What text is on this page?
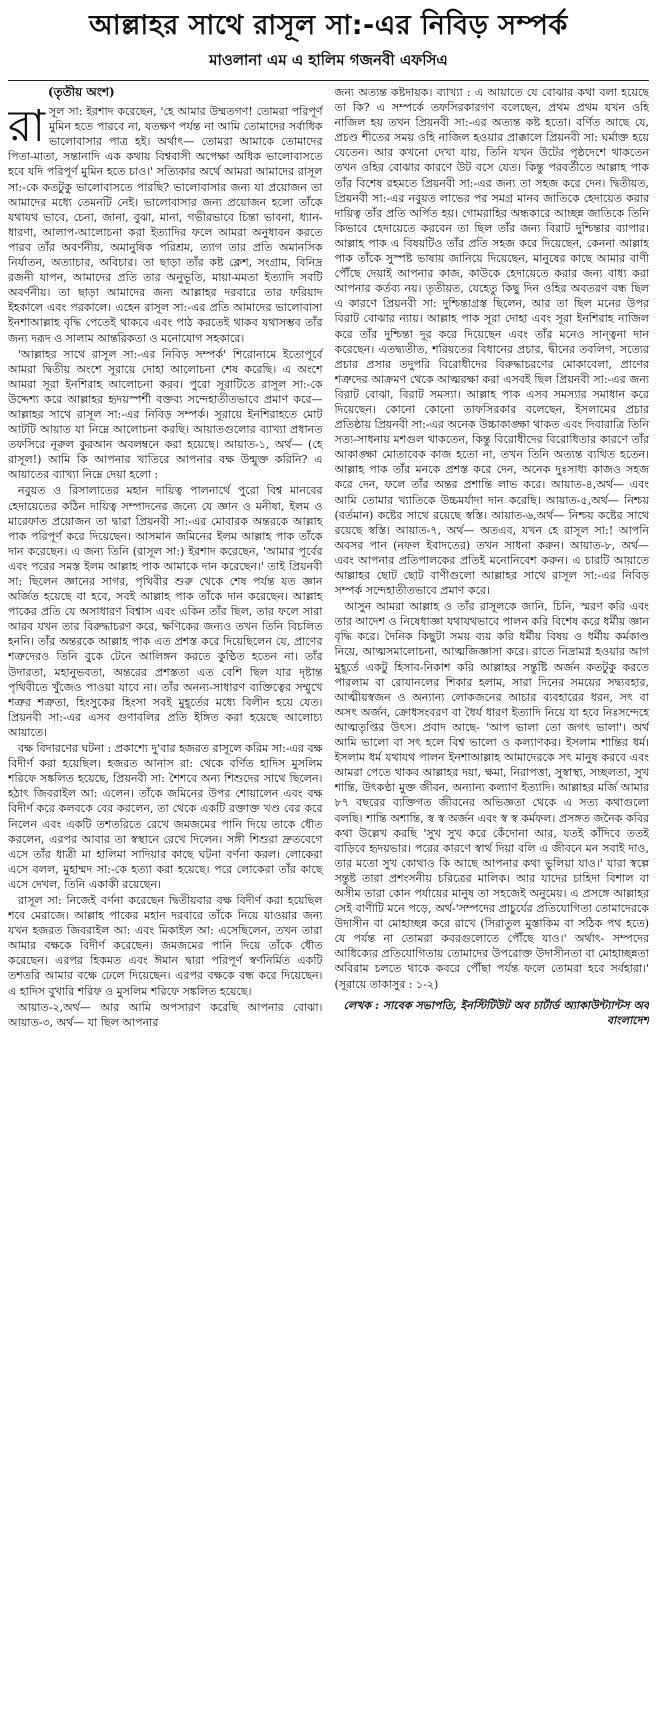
আল্লাহর সাথে রাসূল সা:-এর নিবিড় সম্পর্ক
মাওলানা এম এ হালিম গজনবী এফসিএ
(তৃতীয় অংশ)
রা সূল সা: ইরশাদ করেছেন, 'হে আমার উম্মতগণ! তোমরা পরিপূর্ণ মুমিন হতে পারবে না, যতক্ষণ পর্যন্ত না আমি তোমাদের সর্বাধিক ভালোবাসার পাত্র হই। অর্থাৎ— তোমরা আমাকে তোমাদের পিতা-মাতা, সন্তানাদি এক কথায় বিশ্ববাসী অপেক্ষা অধিক ভালোবাসতে হবে যদি পরিপূর্ণ মুমিন হতে চাও।' সত্যিকার অর্থে আমরা আমাদের রাসূল সা:-কে কতটুকু ভালোবাসতে পারছি? ভালোবাসার জন্য যা প্রয়োজন তা আমাদের মধ্যে তেমনটি নেই। ভালোবাসার জন্য প্রয়োজন হলো তাঁকে যথাযথ ভাবে, চেনা, জানা, বুঝা, মানা, গভীরভাবে চিন্তা ভাবনা, ধ্যান-ধারণা, আলাপ-আলোচনা করা ইত্যাদির ফলে আমরা অনুধাবন করতে পারব তাঁর অবর্ণনীয়, অমানুষিক পরিশ্রম, ত্যাগ তার প্রতি অমানসিক নির্যাতন, অত্যাচার, অবিচার। তা ছাড়া তাঁর কষ্ট ক্লেশ, সংগ্রাম, বিনিদ্র রজনী যাপন, আমাদের প্রতি তার অনুভূতি, মায়া-মমতা ইত্যাদি সবটি অবর্ণনীয়। তা ছাড়া আমাদের জন্য আল্লাহর দরবারে তার ফরিয়াদ ইহকালে এবং পরকালে। এহেন রাসূল সা:-এর প্রতি আমাদের ভালোবাসা ইনশাআল্লাহ বৃদ্ধি পেতেই থাকবে এবং পাঠ করতেই থাকব যথাসম্ভব তাঁর জন্য দরূদ ও সালাম আন্তরিকতা ও মনোযোগ সহকারে।

'আল্লাহর সাথে রাসূল সা:-এর নিবিড় সম্পর্ক' শিরোনামে ইতোপূর্বে আমরা দ্বিতীয় অংশে সূরায়ে দোহা আলোচনা শেষ করেছি। এ অংশে আমরা সূরা ইনশিরাহ আলোচনা করব। পুরো সূরাটিতে রাসূল সা:-কে উদ্দেশ্য করে আল্লাহর হৃদয়স্পর্শী বক্তব্য সন্দেহাতীতভাবে প্রমাণ করে— আল্লাহর সাথে রাসূল সা:-এর নিবিড় সম্পর্ক। সূরায়ে ইনশিরাহতে মোট আটটি আয়াত যা নিম্নে আলোচনা করছি। আয়াতগুলোর ব্যাখ্যা প্রধানত তফসিরে নূরুল কুরআন অবলম্বনে করা হয়েছে। আয়াত-১, অর্থ— (হে রাসূল!) আমি কি আপনার খাতিরে আপনার বক্ষ উন্মুক্ত করিনি? এ আয়াতের ব্যাখ্যা নিম্নে দেয়া হলো :

নবুয়ত ও রিসালাতের মহান দায়িত্ব পালনার্থে পুরো বিশ্ব মানবের হেদায়েতের কঠিন দায়িত্ব সম্পাদনের জন্যে যে জ্ঞান ও মনীষা, ইলম ও মারেফাত প্রয়োজন তা দ্বারা প্রিয়নবী সা:-এর মোবারক অন্তরকে আল্লাহ পাক পরিপূর্ণ করে দিয়েছেন। আসমান জমিনের ইলম আল্লাহ পাক তাঁকে দান করেছেন। এ জন্য তিনি (রাসূল সা:) ইরশাদ করেছেন, 'আমার পূর্বের এবং পরের সমস্ত ইলম আল্লাহ পাক আমাকে দান করেছেন।' তাই প্রিয়নবী সা: ছিলেন জ্ঞানের সাগর, পৃথিবীর শুরু থেকে শেষ পর্যন্ত যত জ্ঞান অর্জিত হয়েছে বা হবে, সবই আল্লাহ পাক তাঁকে দান করেছেন। আল্লাহ পাকের প্রতি যে অসাধারণ বিশ্বাস এবং একিন তাঁর ছিল, তার ফলে সারা আরব যখন তার বিরুদ্ধাচরণ করে, ক্ষণিকের জন্যও তখন তিনি বিচলিত হননি। তাঁর অন্তরকে আল্লাহ পাক এত প্রশস্ত করে দিয়েছিলেন যে, প্রাণের শত্রুদেরও তিনি বুকে টেনে আলিঙ্গন করতে কুণ্ঠিত হতেন না। তাঁর উদারতা, মহানুভবতা, অন্তরের প্রশস্ততা এত বেশি ছিল যার দৃষ্টান্ত পৃথিবীতে খুঁজেও পাওয়া যাবে না। তাঁর অনন্য-সাধারণ ব্যক্তিত্বের সম্মুখে শত্রুর শত্রুতা, হিংসুকের হিংসা সবই মুহূর্তের মধ্যে বিলীন হয়ে যেত। প্রিয়নবী সা:-এর এসব গুণাবলির প্রতি ইঙ্গিত করা হয়েছে আলোচ্য আয়াতে।

বক্ষ বিদারণের ঘটনা : প্রকাশ্যে দু'বার হজরত রাসূলে করিম সা:-এর বক্ষ বিদীর্ণ করা হয়েছিল। হজরত আনাস রা: থেকে বর্ণিত হাদিস মুসলিম শরিফে সঙ্কলিত হয়েছে, প্রিয়নবী সা: শৈশবে অন্য শিশুদের সাথে ছিলেন। হঠাৎ জিবরাইল আ: এলেন। তাঁকে জমিনের উপর শোয়ালেন এবং বক্ষ বিদীর্ণ করে কলবকে বের করলেন, তা থেকে একটি রক্তাক্ত খণ্ড বের করে নিলেন এবং একটি তশতরিতে রেখে জমজমের পানি দিয়ে তাকে ধৌত করলেন, এরপর আবার তা স্বস্থানে রেখে দিলেন। সঙ্গী শিশুরা দ্রুতবেগে এসে তাঁর ধাত্রী মা হালিমা সাদিয়ার কাছে ঘটনা বর্ণনা করল। লোকেরা এসে বলল, মুহাম্মদ সা:-কে হত্যা করা হয়েছে। পরে লোকেরা তাঁর কাছে এসে দেখল, তিনি একাকী রয়েছেন।

রাসূল সা: নিজেই বর্ণনা করেছেন দ্বিতীয়বার বক্ষ বিদীর্ণ করা হয়েছিল শবে মেরাজে। আল্লাহ পাকের মহান দরবারে তাঁকে নিয়ে যাওয়ার জন্য যখন হজরত জিবরাইল আ: এবং মিকাইল আ: এসেছিলেন, তখন তারা আমার বক্ষকে বিদীর্ণ করেছেন। জমজমের পানি দিয়ে তাঁকে ধৌত করেছেন। এরপর হিকমত এবং ঈমান দ্বারা পরিপূর্ণ স্বর্ণনির্মিত একটি তশতরি আমার বক্ষে ঢেলে দিয়েছেন। এরপর বক্ষকে বন্ধ করে দিয়েছেন। এ হাদিস বুখারি শরিফ ও মুসলিম শরিফে সঙ্কলিত হয়েছে।

আয়াত-২,অর্থ— আর আমি অপসারণ করেছি আপনার বোঝা। আয়াত-৩, অর্থ— যা ছিল আপনার

জন্য অত্যন্ত কষ্টদায়ক। ব্যাখ্যা : এ আয়াতে যে বোঝার কথা বলা হয়েছে তা কি? এ সম্পর্কে তফসিরকারগণ বলেছেন, প্রথম প্রথম যখন ওহি নাজিল হয় তখন প্রিয়নবী সা:-এর অত্যন্ত কষ্ট হতো। বর্ণিত আছে যে, প্রচণ্ড শীতের সময় ওহি নাজিল হওয়ার প্রাক্কালে প্রিয়নবী সা: ঘর্মাক্ত হয়ে যেতেন। আর কখনো দেখা যায়, তিনি যখন উটের পৃষ্ঠদেশে থাকতেন তখন ওহির বোঝার কারণে উট বসে যেত। কিন্তু পরবর্তীতে আল্লাহ পাক তাঁর বিশেষ রহমতে প্রিয়নবী সা:-এর জন্য তা সহজ করে দেন। দ্বিতীয়ত, প্রিয়নবী সা:-এর নবুয়ত লাভের পর সমগ্র মানব জাতিকে হেদায়েত করার দায়িত্ব তাঁর প্রতি অর্পিত হয়। গোমরাহির অন্ধকারে আচ্ছন্ন জাতিকে তিনি কিভাবে হেদায়েতে করবেন তা ছিল তাঁর জন্য বিরাট দুশ্চিন্তার ব্যাপার। আল্লাহ পাক এ বিষয়টিও তাঁর প্রতি সহজ করে দিয়েছেন, কেননা আল্লাহ পাক তাঁকে সুস্পষ্ট ভাষায় জানিয়ে দিয়েছেন, মানুষের কাছে আমার বাণী পৌঁছে দেয়াই আপনার কাজ, কাউকে হেদায়েতে করার জন্য বাধ্য করা আপনার কর্তব্য নয়। তৃতীয়ত, যেহেতু কিছু দিন ওহির অবতরণ বন্ধ ছিল এ কারণে প্রিয়নবী সা: দুশ্চিন্তাগ্রস্ত ছিলেন, আর তা ছিল মনের উপর বিরাট বোঝার ন্যায়। আল্লাহ পাক সূরা দোহা এবং সূরা ইনশিরাহ নাজিল করে তাঁর দুশ্চিন্তা দূর করে দিয়েছেন এবং তাঁর মনেও সান্ত্বনা দান করেছেন। এতদ্ব্যতীত, শরিয়তের বিধানের প্রচার, দ্বীনের তবলিগ, সত্যের প্রচার প্রসার তদুপরি বিরোধীদের বিরুদ্ধাচরণের মোকাবেলা, প্রাণের শত্রুদের আক্রমণ থেকে আত্মরক্ষা করা এসবই ছিল প্রিয়নবী সা:-এর জন্য বিরাট বোঝা, বিরাট সমস্যা। আল্লাহ পাক এসব সমস্যার সমাধান করে দিয়েছেন। কোনো কোনো তাফসিরকার বলেছেন, ইসলামের প্রচার প্রতিষ্ঠায় প্রিয়নবী সা:-এর অনেক উচ্চাকাঙ্ক্ষা থাকত এবং দিবারাত্রি তিনি সত্য-সাধনায় মশগুল থাকতেন, কিন্তু বিরোধীদের বিরোধিতার কারণে তাঁর আকাঙ্ক্ষা মোতাবেক কাজ হতো না, তখন তিনি অত্যন্ত ব্যথিত হতেন। আল্লাহ পাক তাঁর মনকে প্রশস্ত করে দেন, অনেক দুঃসাধ্য কাজও সহজ করে দেন, ফলে তাঁর অন্তর প্রশান্তি লাভ করে। আয়াত-৪,অর্থ— এবং আমি তোমার খ্যাতিকে উচ্চমর্যাদা দান করেছি। আয়াত-৫,অর্থ— নিশ্চয় (বর্তমান) কষ্টের সাথে রয়েছে স্বস্তি। আয়াত-৬,অর্থ— নিশ্চয় কষ্টের সাথে রয়েছে স্বস্তি। আয়াত-৭, অর্থ— অতএব, যখন হে রাসূল সা:! আপনি অবসর পান (নফল ইবাদতের) তখন সাধনা করুন। আয়াত-৮, অর্থ— এবং আপনার প্রতিপালকের প্রতিই মনোনিবেশ করুন। এ চারটি আয়াতে আল্লাহর ছোট ছোট বাণীগুলো আল্লাহর সাথে রাসূল সা:-এর নিবিড় সম্পর্ক সন্দেহাতীতভাবে প্রমাণ করে।

আসুন আমরা আল্লাহ ও তাঁর রাসূলকে জানি, চিনি, স্মরণ করি এবং তার আদেশ ও নিষেধাজ্ঞা যথাযথভাবে পালন করি বিশেষ করে ধর্মীয় জ্ঞান বৃদ্ধি করে। দৈনিক কিছুটা সময় ব্যয় করি ধর্মীয় বিষয় ও ধর্মীয় কর্মকাণ্ড নিয়ে, আত্মসমালোচনা, আত্মজিজ্ঞাসা করে। রাতে নিদ্রামগ্ন হওয়ার আগ মুহূর্তে একটু হিসাব-নিকাশ করি আল্লাহর সন্তুষ্টি অর্জন কতটুকু করতে পারলাম বা রোযানলের শিকার হলাম, সারা দিনের সময়ের সদ্ব্যবহার, আত্মীয়স্বজন ও অন্যান্য লোকজনের আচার ব্যবহারের ধরন, সৎ বা অসৎ অর্জন, ক্রোধসংবরণ বা ধৈর্য ধারণ ইত্যাদি নিয়ে যা হবে নিঃসন্দেহে আত্মতৃপ্তির উৎস। প্রবাদ আছে- 'আপ ভালা তো জগৎ ভালা'। অর্থ আমি ভালো বা সৎ হলে বিশ্ব ভালো ও কল্যাণকর। ইসলাম শান্তির ধর্ম। ইসলাম ধর্ম যথাযথ পালন ইনশাআল্লাহ আমাদেরকে সৎ মানুষ করবে এবং আমরা পেতে থাকব আল্লাহর দয়া, ক্ষমা, নিরাপত্তা, সুস্বাস্থ্য, সচ্ছলতা, সুখ শান্তি, উৎকণ্ঠা মুক্ত জীবন, অন্যান্য কল্যাণ ইত্যাদি। আল্লাহর মর্জি আমার ৮৭ বছরের ব্যক্তিগত জীবনের অভিজ্ঞতা থেকে এ সত্য কথাগুলো বলছি। শান্তি অশান্তি, স্ব স্ব অর্জন এবং স্ব স্ব কর্মফল। প্রসঙ্গত জনৈক কবির কথা উল্লেখ করছি 'সুখ সুখ করে কেঁদোনা আর, যতই কাঁদিবে ততই বাড়িবে হৃদয়ভার। পরের কারণে স্বার্থ দিয়া বলি এ জীবনে মন সবাই দাও, তার মতো সুখ কোথাও কি আছে আপনার কথা ভুলিয়া যাও।' যারা স্বল্পে সন্তুষ্ট তারা প্রশংসনীয় চরিত্রের মালিক। আর যাদের চাহিদা বিশাল বা অসীম তারা কোন পর্যায়ের মানুষ তা সহজেই অনুমেয়। এ প্রসঙ্গে আল্লাহর সেই বাণীটি মনে পড়ে, অর্থ-'সম্পদের প্রাচুর্যের প্রতিযোগিতা তোমাদেরকে উদাসীন বা মোহাচ্ছন্ন করে রাখে (সিরাতুল মুস্তাকিম বা সঠিক পথ হতে) যে পর্যন্ত না তোমরা কবরগুলোতে পৌঁছে যাও।' অর্থাৎ- সম্পদের আধিক্যের প্রতিযোগিতায় তোমাদের উপরোক্ত উদাসীনতা বা মোহাচ্ছন্নতা অবিরাম চলতে থাকে কবরে পৌঁছা পর্যন্ত ফলে তোমরা হবে সর্বহারা।' (সূরায়ে তাকাসুর : ১-২)

লেখক : সাবেক সভাপতি, ইনস্টিটিউট অব চার্টার্ড অ্যাকাউন্ট্যান্টস অব বাংলাদেশ
